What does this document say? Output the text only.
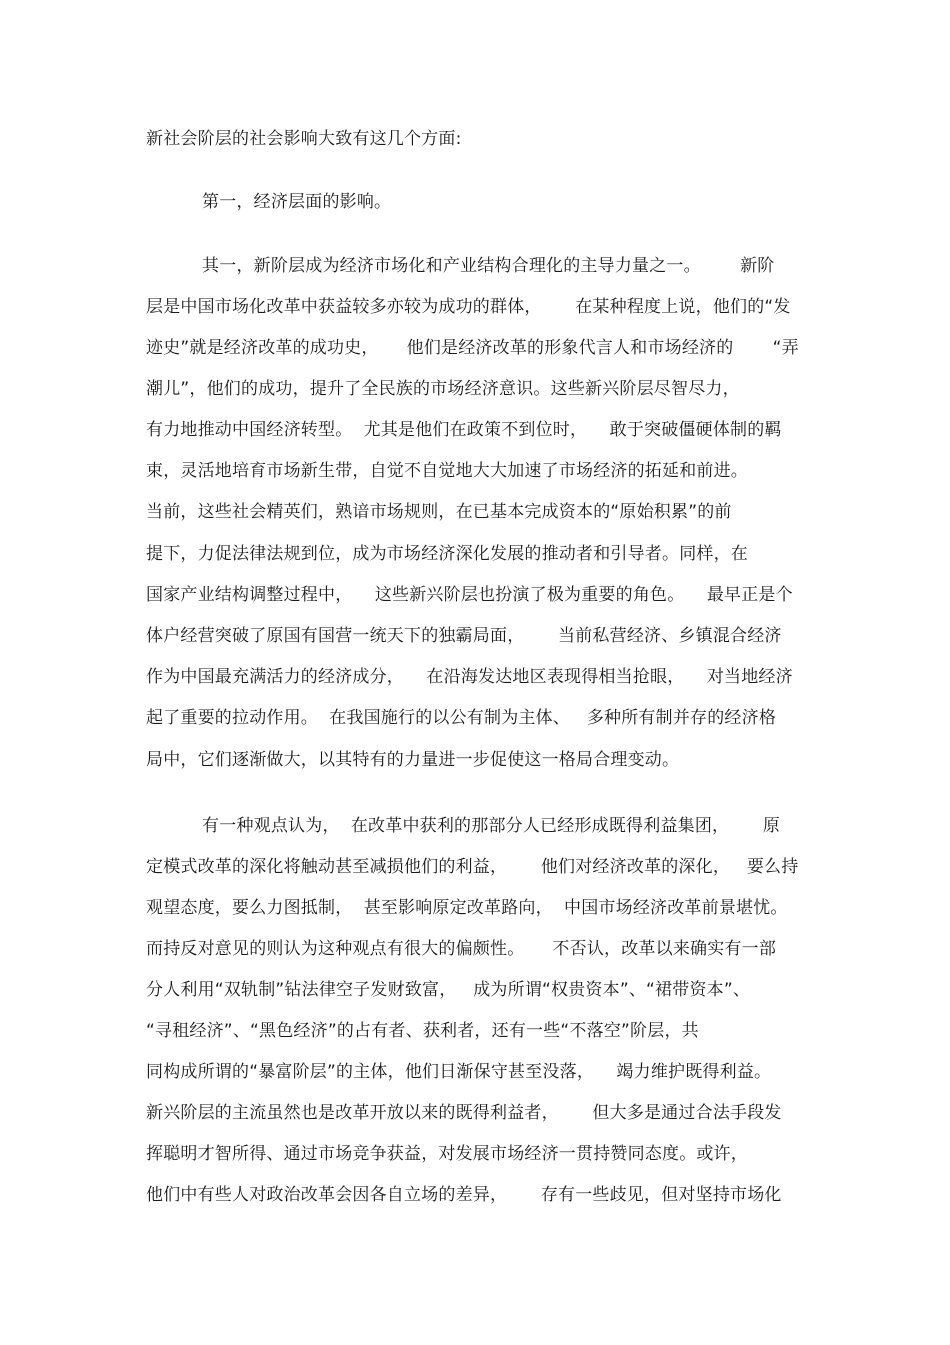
新社会阶层的社会影响大致有这几个方面:
第一，经济层面的影响。
其一，新阶层成为经济市场化和产业结构合理化的主导力量之一。       新阶
层是中国市场化改革中获益较多亦较为成功的群体，      在某种程度上说，他们的“发
迹史”就是经济改革的成功史，     他们是经济改革的形象代言人和市场经济的       “弄
潮儿”，他们的成功，提升了全民族的市场经济意识。这些新兴阶层尽智尽力，
有力地推动中国经济转型。  尤其是他们在政策不到位时，    敢于突破僵硬体制的羁
束，灵活地培育市场新生带，自觉不自觉地大大加速了市场经济的拓延和前进。
当前，这些社会精英们，熟谙市场规则，在已基本完成资本的“原始积累”的前
提下，力促法律法规到位，成为市场经济深化发展的推动者和引导者。同样，在
国家产业结构调整过程中，    这些新兴阶层也扮演了极为重要的角色。    最早正是个
体户经营突破了原国有国营一统天下的独霸局面，      当前私营经济、乡镇混合经济
作为中国最充满活力的经济成分，    在沿海发达地区表现得相当抢眼，    对当地经济
起了重要的拉动作用。  在我国施行的以公有制为主体、   多种所有制并存的经济格
局中，它们逐渐做大，以其特有的力量进一步促使这一格局合理变动。
有一种观点认为，  在改革中获利的那部分人已经形成既得利益集团，      原
定模式改革的深化将触动甚至减损他们的利益，      他们对经济改革的深化，   要么持
观望态度，要么力图抵制，  甚至影响原定改革路向，  中国市场经济改革前景堪忧。
而持反对意见的则认为这种观点有很大的偏颇性。     不否认，改革以来确实有一部
分人利用“双轨制”钻法律空子发财致富，   成为所谓“权贵资本”、“裙带资本”、
“寻租经济”、“黑色经济”的占有者、获利者，还有一些“不落空”阶层，共
同构成所谓的“暴富阶层”的主体，他们日渐保守甚至没落，    竭力维护既得利益。
新兴阶层的主流虽然也是改革开放以来的既得利益者，      但大多是通过合法手段发
挥聪明才智所得、通过市场竞争获益，对发展市场经济一贯持赞同态度。或许，
他们中有些人对政治改革会因各自立场的差异，      存有一些歧见，但对坚持市场化
